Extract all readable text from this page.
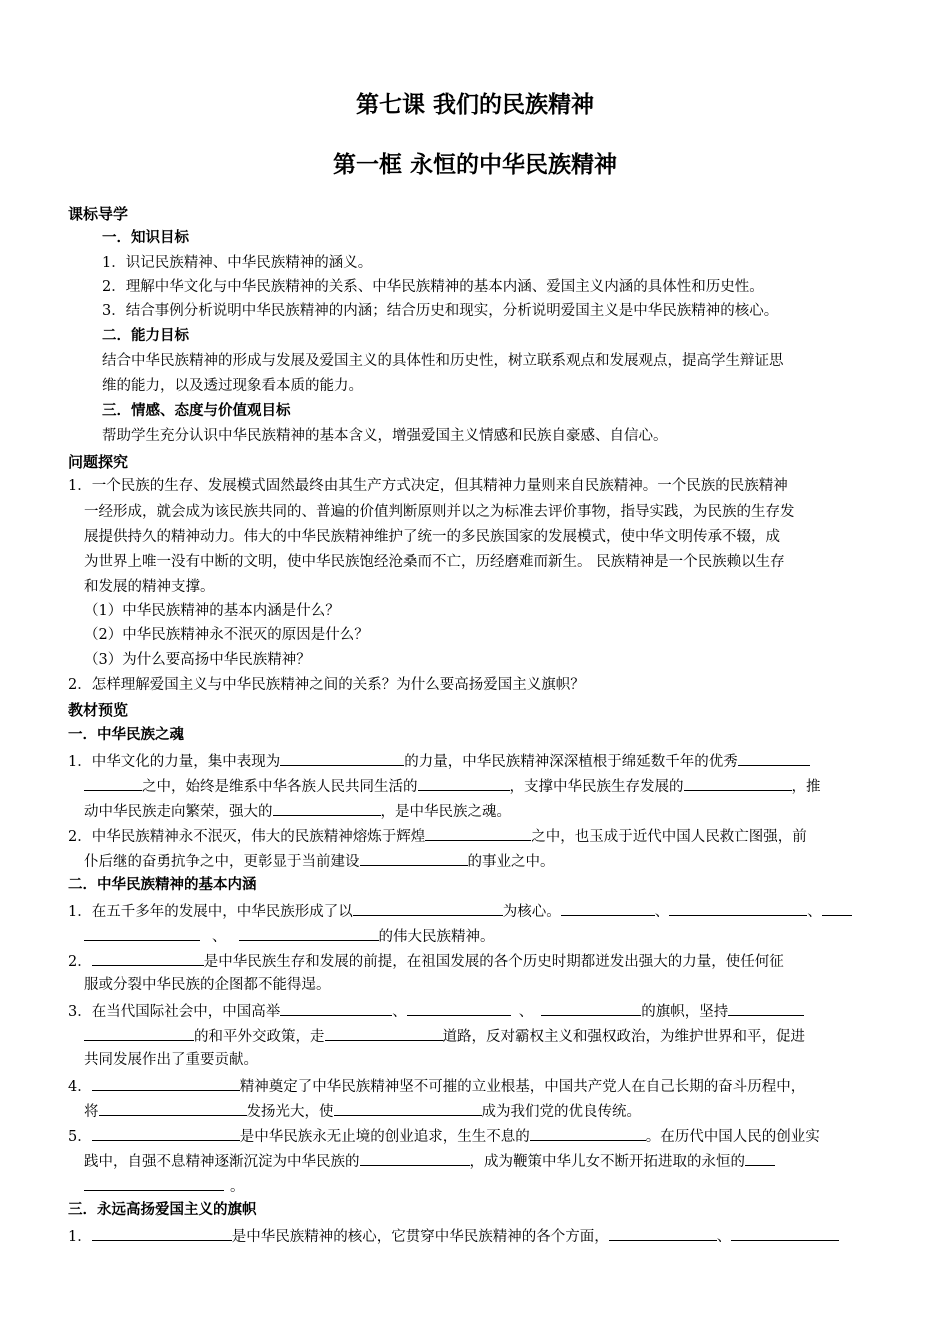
第七课 我们的民族精神
第一框 永恒的中华民族精神
课标导学
一．知识目标
1．识记民族精神、中华民族精神的涵义。
2．理解中华文化与中华民族精神的关系、中华民族精神的基本内涵、爱国主义内涵的具体性和历史性。
3．结合事例分析说明中华民族精神的内涵；结合历史和现实，分析说明爱国主义是中华民族精神的核心。
二．能力目标
结合中华民族精神的形成与发展及爱国主义的具体性和历史性，树立联系观点和发展观点，提高学生辩证思
维的能力，以及透过现象看本质的能力。
三．情感、态度与价值观目标
帮助学生充分认识中华民族精神的基本含义，增强爱国主义情感和民族自豪感、自信心。
问题探究
1．一个民族的生存、发展模式固然最终由其生产方式决定，但其精神力量则来自民族精神。一个民族的民族精神
一经形成，就会成为该民族共同的、普遍的价值判断原则并以之为标准去评价事物，指导实践，为民族的生存发
展提供持久的精神动力。伟大的中华民族精神维护了统一的多民族国家的发展模式，使中华文明传承不辍，成
为世界上唯一没有中断的文明，使中华民族饱经沧桑而不亡，历经磨难而新生。 民族精神是一个民族赖以生存
和发展的精神支撑。
（1）中华民族精神的基本内涵是什么？
（2）中华民族精神永不泯灭的原因是什么？
（3）为什么要高扬中华民族精神？
2．怎样理解爱国主义与中华民族精神之间的关系？为什么要高扬爱国主义旗帜？
教材预览
一．中华民族之魂
1．中华文化的力量，集中表现为	的力量，中华民族精神深深植根于绵延数千年的优秀
之中，始终是维系中华各族人民共同生活的	，支撑中华民族生存发展的	，推
动中华民族走向繁荣，强大的	，是中华民族之魂。
2．中华民族精神永不泯灭，伟大的民族精神熔炼于辉煌	之中，也玉成于近代中国人民救亡图强，前
仆后继的奋勇抗争之中，更彰显于当前建设	的事业之中。
二．中华民族精神的基本内涵
1．在五千多年的发展中，中华民族形成了以	为核心。	、	、
、	的伟大民族精神。
2．	是中华民族生存和发展的前提，在祖国发展的各个历史时期都迸发出强大的力量，使任何征
服或分裂中华民族的企图都不能得逞。
3．在当代国际社会中，中国高举	、	、	的旗帜，坚持
的和平外交政策，走	道路，反对霸权主义和强权政治，为维护世界和平，促进
共同发展作出了重要贡献。
4．	精神奠定了中华民族精神坚不可摧的立业根基，中国共产党人在自己长期的奋斗历程中，
将	发扬光大，使	成为我们党的优良传统。
5．	是中华民族永无止境的创业追求，生生不息的	。在历代中国人民的创业实
践中，自强不息精神逐渐沉淀为中华民族的	，成为鞭策中华儿女不断开拓进取的永恒的
。
三．永远高扬爱国主义的旗帜
1．	是中华民族精神的核心，它贯穿中华民族精神的各个方面，	、
